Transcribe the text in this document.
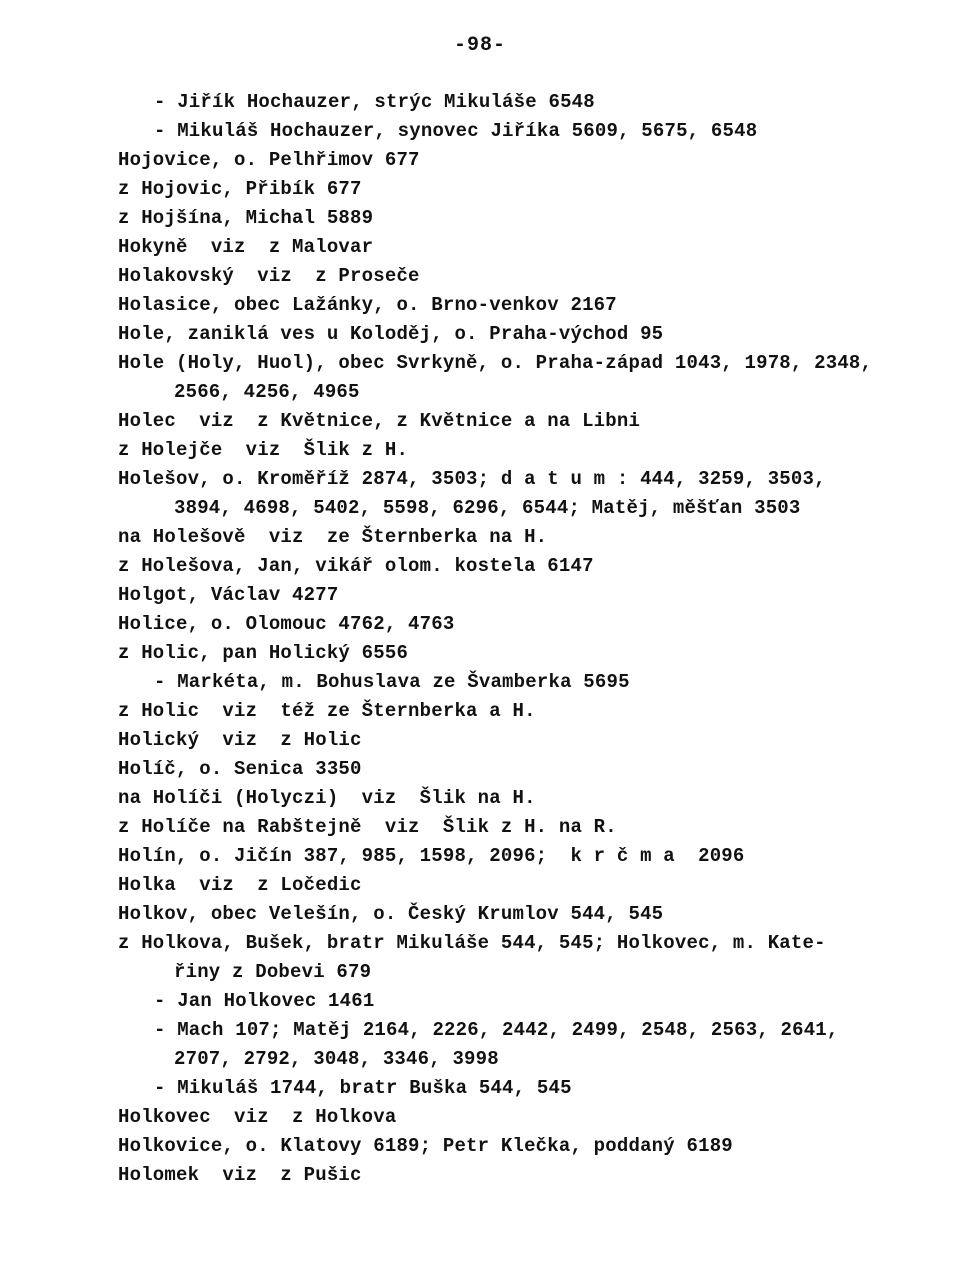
-98-
- Jiřík Hochauzer, strýc Mikuláše 6548
- Mikuláš Hochauzer, synovec Jiříka 5609, 5675, 6548
Hojovice, o. Pelhřimov 677
z Hojovic, Přibík 677
z Hojšína, Michal 5889
Hokyně  viz  z Malovar
Holakovský  viz  z Proseče
Holasice, obec Lažánky, o. Brno-venkov 2167
Hole, zaniklá ves u Koloděj, o. Praha-východ 95
Hole (Holy, Huol), obec Svrkyně, o. Praha-západ 1043, 1978, 2348,
2566, 4256, 4965
Holec  viz  z Květnice, z Květnice a na Libni
z Holejče  viz  Šlik z H.
Holešov, o. Kroměříž 2874, 3503; d a t u m : 444, 3259, 3503,
3894, 4698, 5402, 5598, 6296, 6544; Matěj, měšťan 3503
na Holešově  viz  ze Šternberka na H.
z Holešova, Jan, vikář olom. kostela 6147
Holgot, Václav 4277
Holice, o. Olomouc 4762, 4763
z Holic, pan Holický 6556
- Markéta, m. Bohuslava ze Švamberka 5695
z Holic  viz  též ze Šternberka a H.
Holický  viz  z Holic
Holíč, o. Senica 3350
na Holíči (Holyczi)  viz  Šlik na H.
z Holíče na Rabštejně  viz  Šlik z H. na R.
Holín, o. Jičín 387, 985, 1598, 2096;  k r č m a  2096
Holka  viz  z Ločedic
Holkov, obec Velešín, o. Český Krumlov 544, 545
z Holkova, Bušek, bratr Mikuláše 544, 545; Holkovec, m. Kate-
řiny z Dobevi 679
- Jan Holkovec 1461
- Mach 107; Matěj 2164, 2226, 2442, 2499, 2548, 2563, 2641,
2707, 2792, 3048, 3346, 3998
- Mikuláš 1744, bratr Buška 544, 545
Holkovec  viz  z Holkova
Holkovice, o. Klatovy 6189; Petr Klečka, poddaný 6189
Holomek  viz  z Pušic
